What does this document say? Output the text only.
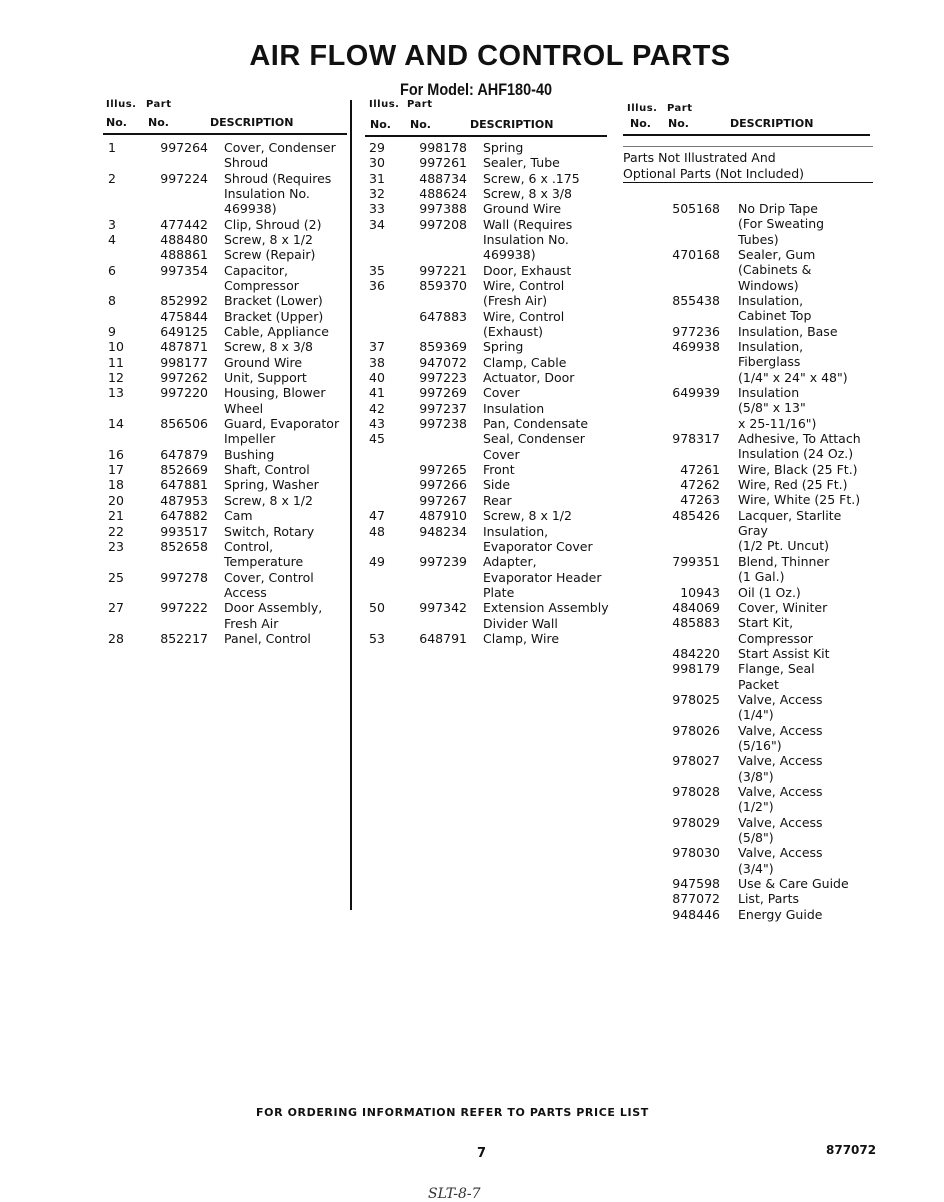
AIR FLOW AND CONTROL PARTS
For Model: AHF180-40
Illus. Part
No. No.	DESCRIPTION
Illus. Part
No. No.	DESCRIPTION
Illus. Part
No. No.	DESCRIPTION
Parts Not Illustrated And
Optional Parts (Not Included)
1	997264 Cover, Condenser
Shroud
2	997224 Shroud (Requires
Insulation No.
469938)
3	477442 Clip, Shroud (2)
4	488480 Screw, 8 x 1/2
488861 Screw (Repair)
6	997354 Capacitor,
Compressor
8	852992 Bracket (Lower)
475844 Bracket (Upper)
9	649125 Cable, Appliance
10	487871 Screw, 8 x 3/8
11	998177 Ground Wire
12	997262 Unit, Support
13	997220 Housing, Blower
Wheel
14	856506 Guard, Evaporator
Impeller
16	647879 Bushing
17	852669 Shaft, Control
18	647881 Spring, Washer
20	487953 Screw, 8 x 1/2
21	647882 Cam
22	993517 Switch, Rotary
23	852658 Control,
Temperature
25	997278 Cover, Control
Access
27	997222 Door Assembly,
Fresh Air
28	852217 Panel, Control
29	998178 Spring
30	997261 Sealer, Tube
31	488734 Screw, 6 x .175
32	488624 Screw, 8 x 3/8
33	997388 Ground Wire
34	997208 Wall (Requires
Insulation No.
469938)
35	997221 Door, Exhaust
36	859370 Wire, Control
(Fresh Air)
647883 Wire, Control
(Exhaust)
37	859369 Spring
38	947072 Clamp, Cable
40	997223 Actuator, Door
41	997269 Cover
42	997237 Insulation
43	997238 Pan, Condensate
45	Seal, Condenser
Cover
997265 Front
997266 Side
997267 Rear
47	487910 Screw, 8 x 1/2
48	948234 Insulation,
Evaporator Cover
49	997239 Adapter,
Evaporator Header
Plate
50	997342 Extension Assembly
Divider Wall
53	648791 Clamp, Wire
505168 No Drip Tape
(For Sweating
Tubes)
470168 Sealer, Gum
(Cabinets &
Windows)
855438 Insulation,
Cabinet Top
977236 Insulation, Base
469938 Insulation,
Fiberglass
(1/4" x 24" x 48")
649939 Insulation
(5/8" x 13"
x 25-11/16")
978317 Adhesive, To Attach
Insulation (24 Oz.)
47261 Wire, Black (25 Ft.)
47262 Wire, Red (25 Ft.)
47263 Wire, White (25 Ft.)
485426 Lacquer, Starlite
Gray
(1/2 Pt. Uncut)
799351 Blend, Thinner
(1 Gal.)
10943 Oil (1 Oz.)
484069 Cover, Winiter
485883 Start Kit,
Compressor
484220 Start Assist Kit
998179 Flange, Seal
Packet
978025 Valve, Access
(1/4")
978026 Valve, Access
(5/16")
978027 Valve, Access
(3/8")
978028 Valve, Access
(1/2")
978029 Valve, Access
(5/8")
978030 Valve, Access
(3/4")
947598 Use & Care Guide
877072 List, Parts
948446 Energy Guide
FOR ORDERING INFORMATION REFER TO PARTS PRICE LIST
7	877072
SLT-8-7
